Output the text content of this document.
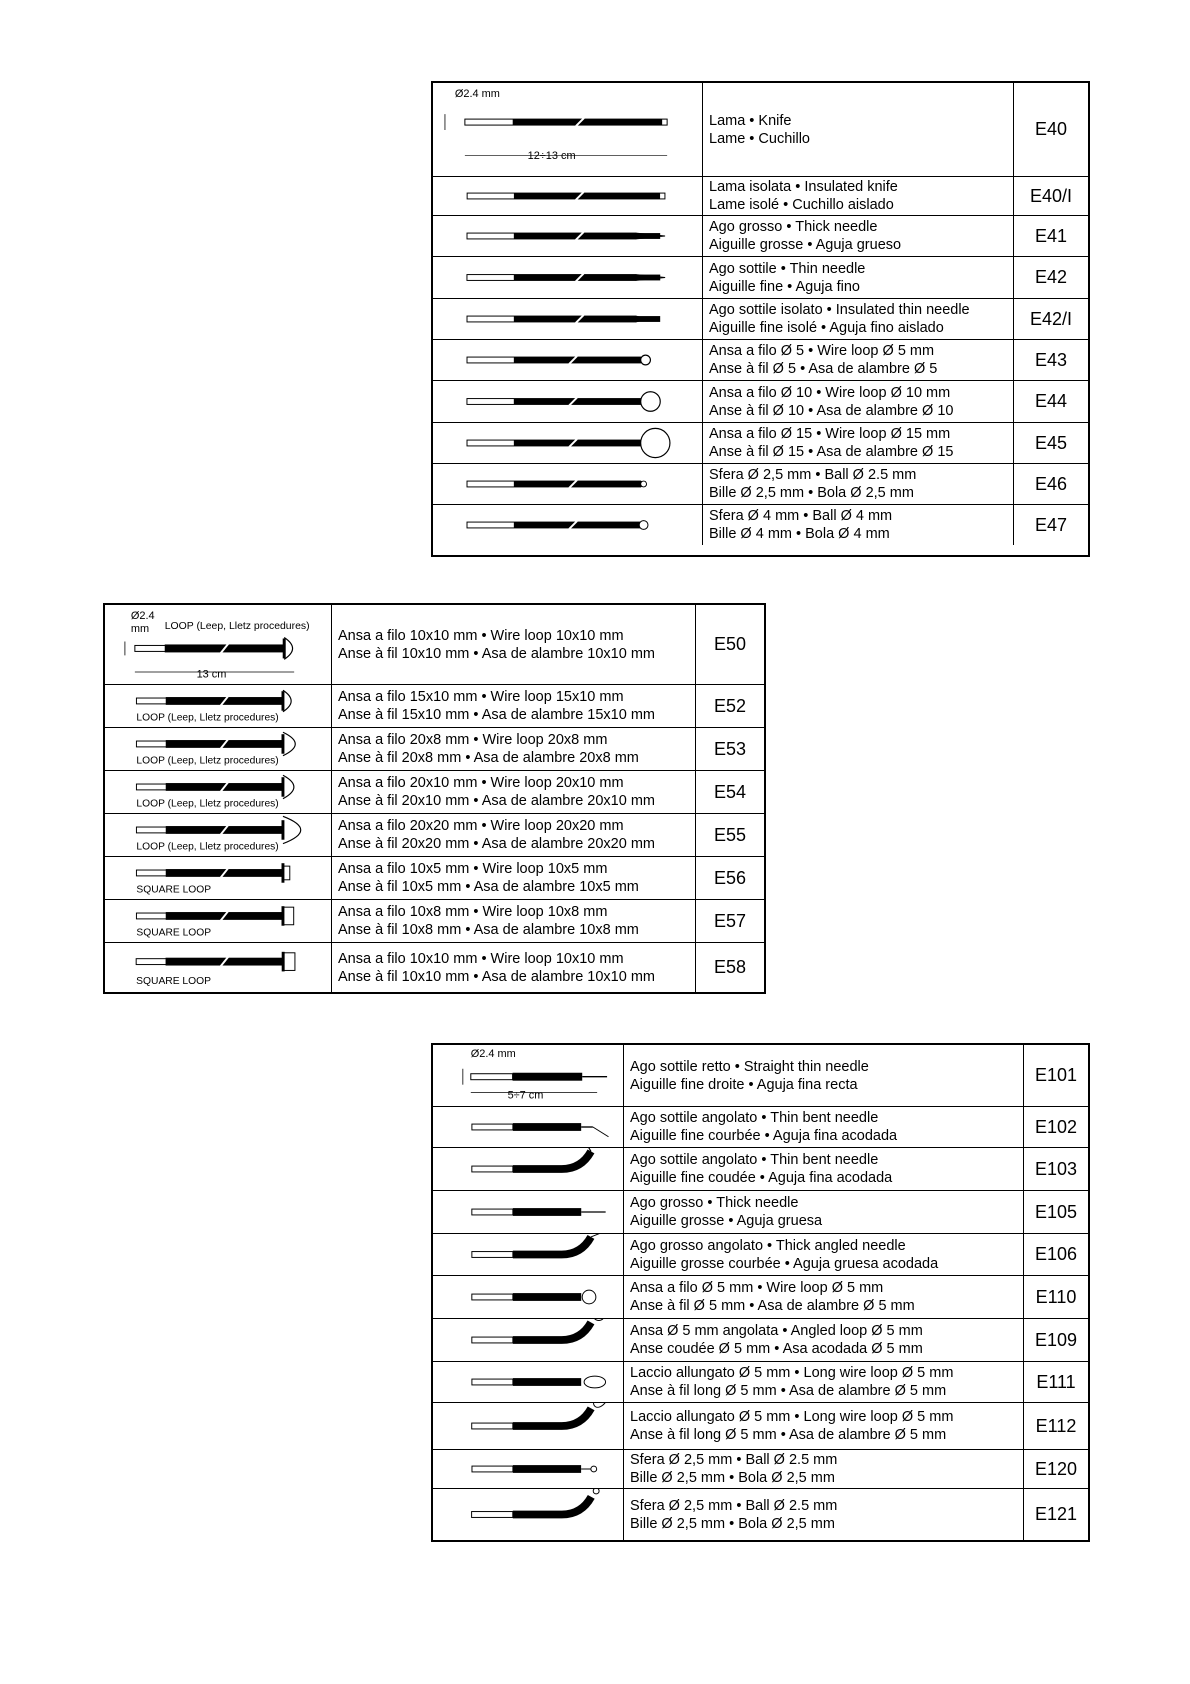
Ø2.4 mm
12÷13 cm
Lama • Knife
Lame • Cuchillo	E40
Lama isolata • Insulated knife
Lame isolé • Cuchillo aislado	E40/I
Ago grosso • Thick needle
Aiguille grosse • Aguja grueso	E41
Ago sottile • Thin needle
Aiguille fine • Aguja fino	E42
Ago sottile isolato • Insulated thin needle
Aiguille fine isolé • Aguja fino aislado	E42/I
Ansa a filo Ø 5 • Wire loop Ø 5 mm
Anse à fil Ø 5 • Asa de alambre Ø 5	E43
Ansa a filo Ø 10 • Wire loop Ø 10 mm
Anse à fil Ø 10 • Asa de alambre Ø 10	E44
Ansa a filo Ø 15 • Wire loop Ø 15 mm
Anse à fil Ø 15 • Asa de alambre Ø 15	E45
Sfera Ø 2,5 mm • Ball Ø 2.5 mm
Bille Ø 2,5 mm • Bola Ø 2,5 mm	E46
Sfera Ø 4 mm • Ball Ø 4 mm
Bille Ø 4 mm • Bola Ø 4 mm	E47
Ø2.4
mm LOOP (Leep, Lletz procedures)
13 cm
Ansa a filo 10x10 mm • Wire loop 10x10 mm
Anse à fil 10x10 mm • Asa de alambre 10x10 mm	E50
LOOP (Leep, Lletz procedures)
Ansa a filo 15x10 mm • Wire loop 15x10 mm
Anse à fil 15x10 mm • Asa de alambre 15x10 mm	E52
LOOP (Leep, Lletz procedures)
Ansa a filo 20x8 mm • Wire loop 20x8 mm
Anse à fil 20x8 mm • Asa de alambre 20x8 mm	E53
LOOP (Leep, Lletz procedures)
Ansa a filo 20x10 mm • Wire loop 20x10 mm
Anse à fil 20x10 mm • Asa de alambre 20x10 mm	E54
LOOP (Leep, Lletz procedures)
Ansa a filo 20x20 mm • Wire loop 20x20 mm
Anse à fil 20x20 mm • Asa de alambre 20x20 mm	E55
SQUARE LOOP
Ansa a filo 10x5 mm • Wire loop 10x5 mm
Anse à fil 10x5 mm • Asa de alambre 10x5 mm	E56
SQUARE LOOP
Ansa a filo 10x8 mm • Wire loop 10x8 mm
Anse à fil 10x8 mm • Asa de alambre 10x8 mm	E57
SQUARE LOOP
Ansa a filo 10x10 mm • Wire loop 10x10 mm
Anse à fil 10x10 mm • Asa de alambre 10x10 mm	E58
Ø2.4 mm
5÷7 cm
Ago sottile retto • Straight thin needle
Aiguille fine droite • Aguja fina recta	E101
Ago sottile angolato • Thin bent needle
Aiguille fine courbée • Aguja fina acodada	E102
Ago sottile angolato • Thin bent needle
Aiguille fine coudée • Aguja fina acodada	E103
Ago grosso • Thick needle
Aiguille grosse • Aguja gruesa	E105
Ago grosso angolato • Thick angled needle
Aiguille grosse courbée • Aguja gruesa acodada	E106
Ansa a filo Ø 5 mm • Wire loop Ø 5 mm
Anse à fil Ø 5 mm • Asa de alambre Ø 5 mm	E110
Ansa Ø 5 mm angolata • Angled loop Ø 5 mm
Anse coudée Ø 5 mm • Asa acodada Ø 5 mm	E109
Laccio allungato Ø 5 mm • Long wire loop Ø 5 mm
Anse à fil long Ø 5 mm • Asa de alambre Ø 5 mm	E111
Laccio allungato Ø 5 mm • Long wire loop Ø 5 mm
Anse à fil long Ø 5 mm • Asa de alambre Ø 5 mm	E112
Sfera Ø 2,5 mm • Ball Ø 2.5 mm
Bille Ø 2,5 mm • Bola Ø 2,5 mm	E120
Sfera Ø 2,5 mm • Ball Ø 2.5 mm
Bille Ø 2,5 mm • Bola Ø 2,5 mm	E121
